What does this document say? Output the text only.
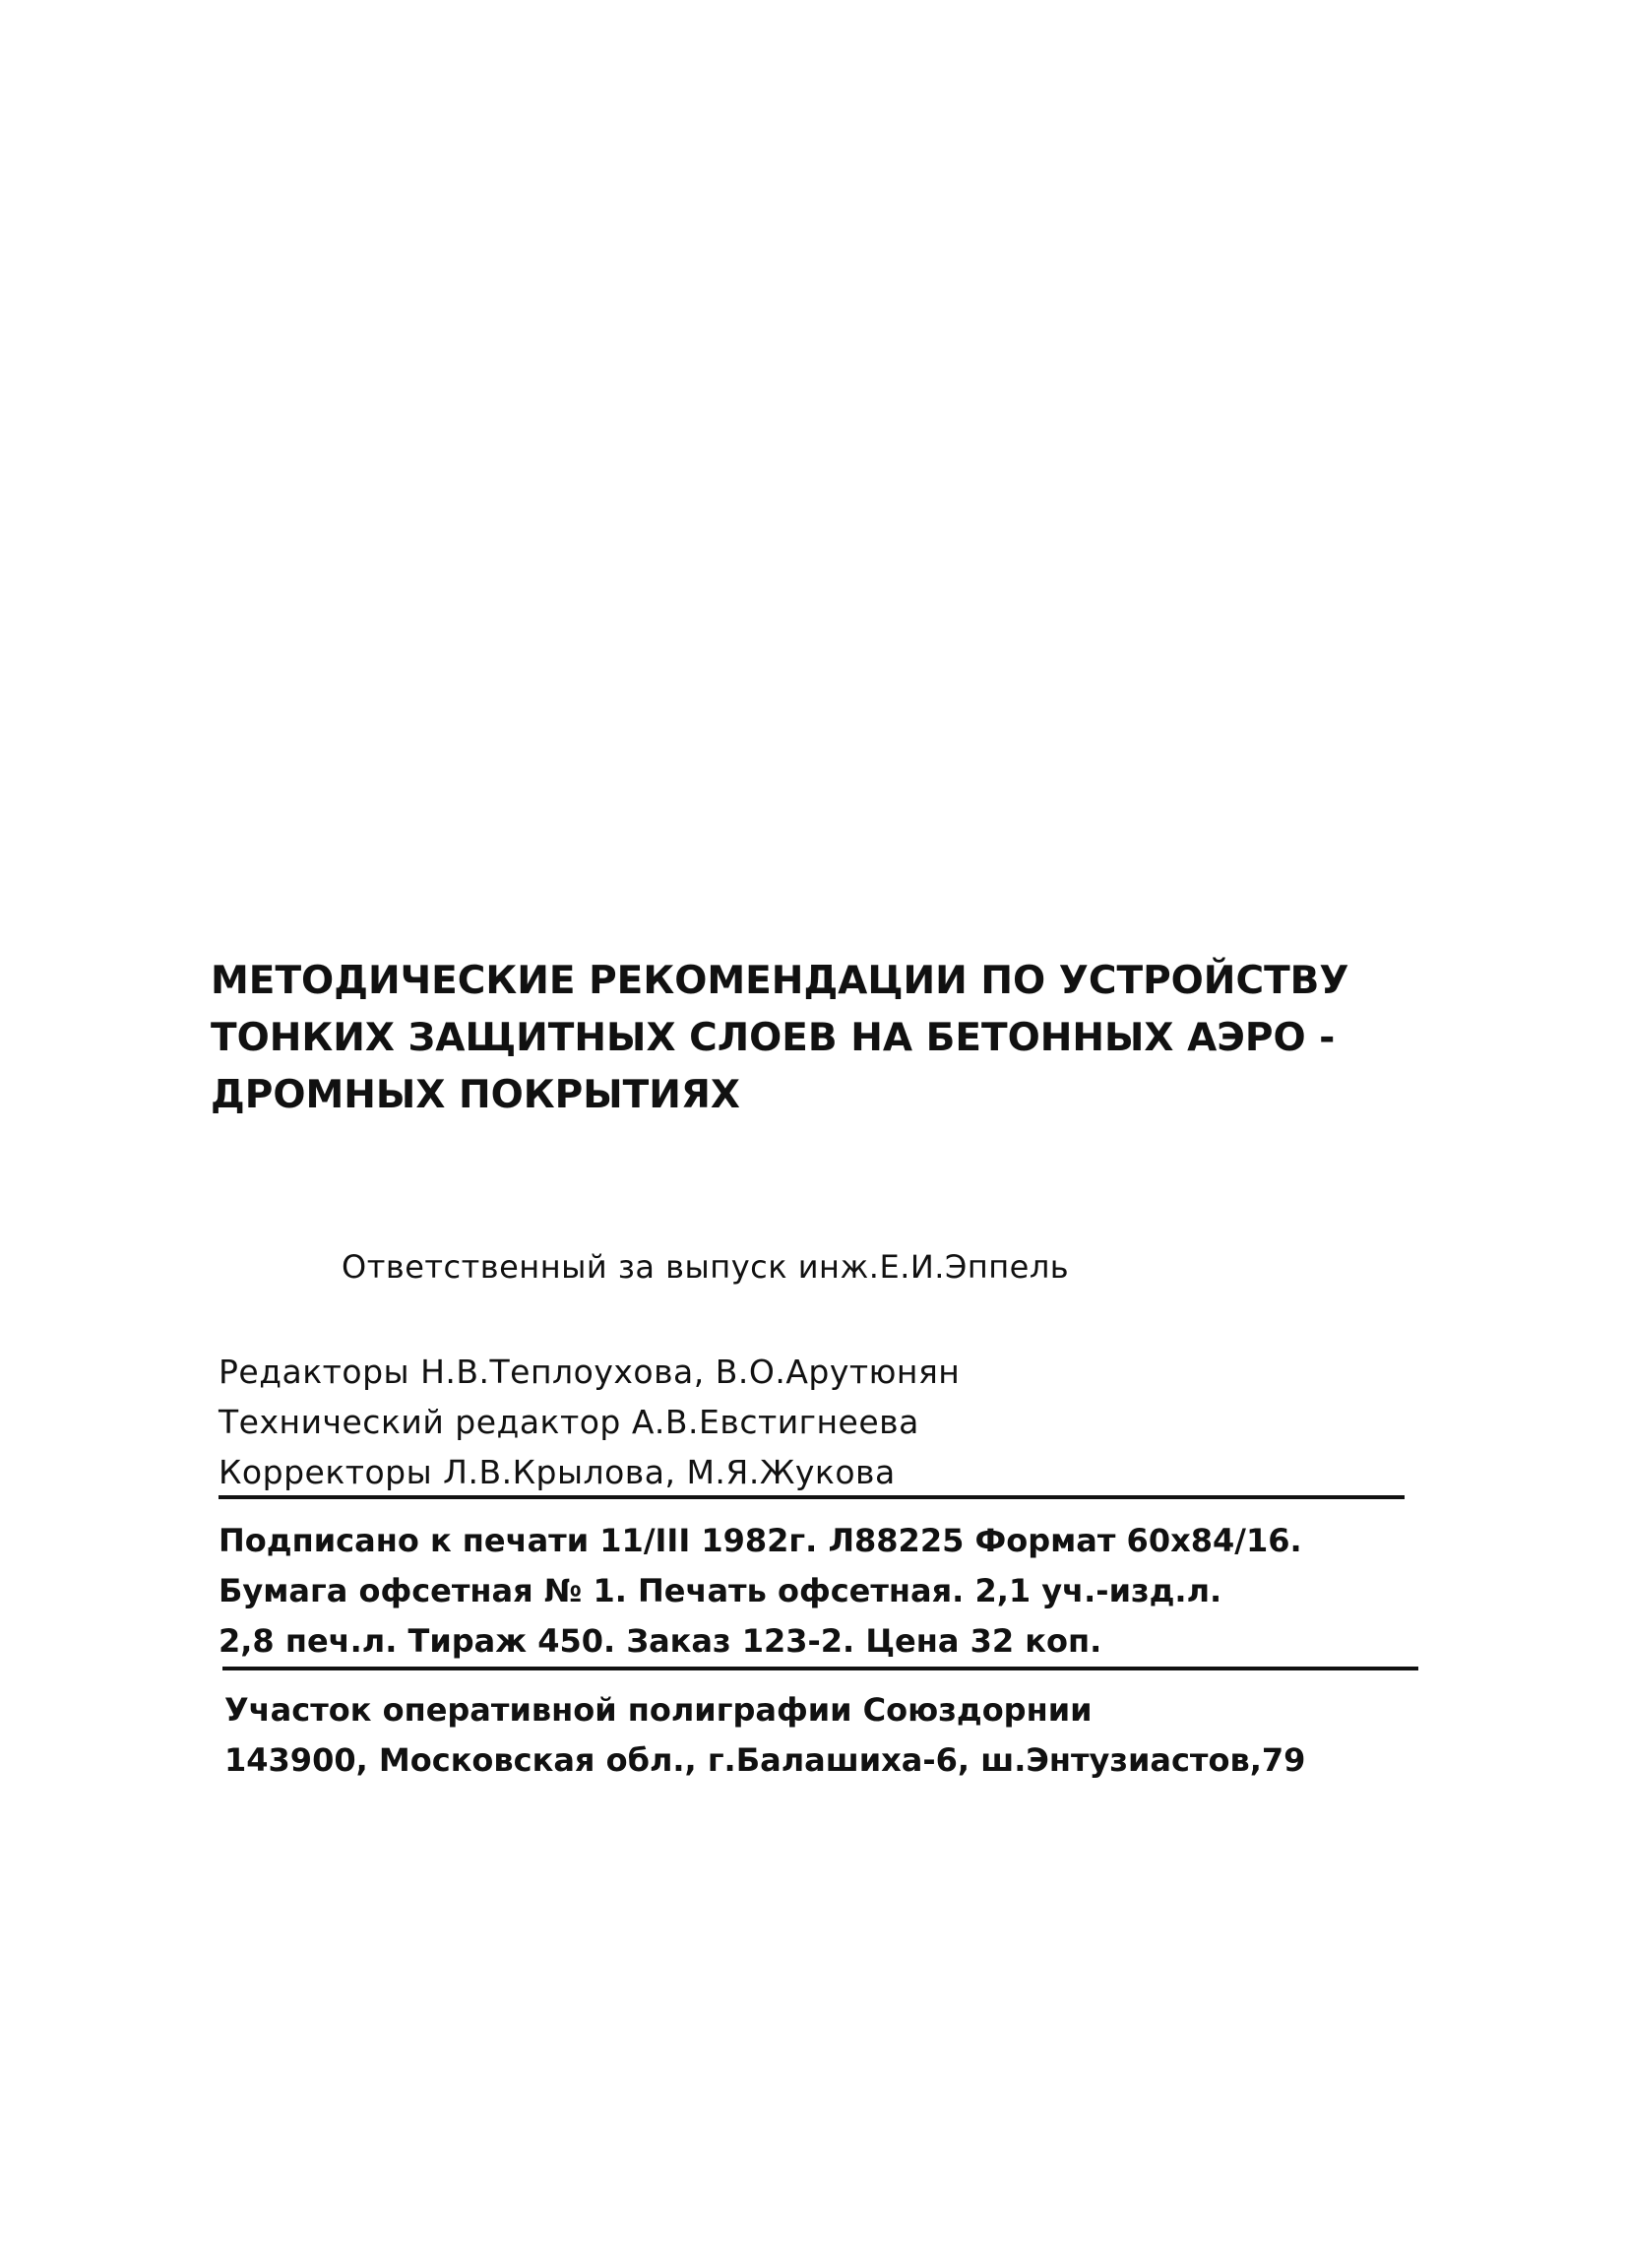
МЕТОДИЧЕСКИЕ РЕКОМЕНДАЦИИ ПО УСТРОЙСТВУ
ТОНКИХ ЗАЩИТНЫХ СЛОЕВ НА БЕТОННЫХ АЭРО -
ДРОМНЫХ ПОКРЫТИЯХ
Ответственный за выпуск инж.Е.И.Эппель
Редакторы Н.В.Теплоухова, В.О.Арутюнян
Технический редактор А.В.Евстигнеева
Корректоры Л.В.Крылова, М.Я.Жукова
Подписано к печати 11/III 1982г. Л88225 Формат 60х84/16.
Бумага офсетная № 1. Печать офсетная. 2,1 уч.-изд.л.
2,8 печ.л. Тираж 450. Заказ 123-2. Цена 32 коп.
Участок оперативной полиграфии Союздорнии
143900, Московская обл., г.Балашиха-6, ш.Энтузиастов,79
